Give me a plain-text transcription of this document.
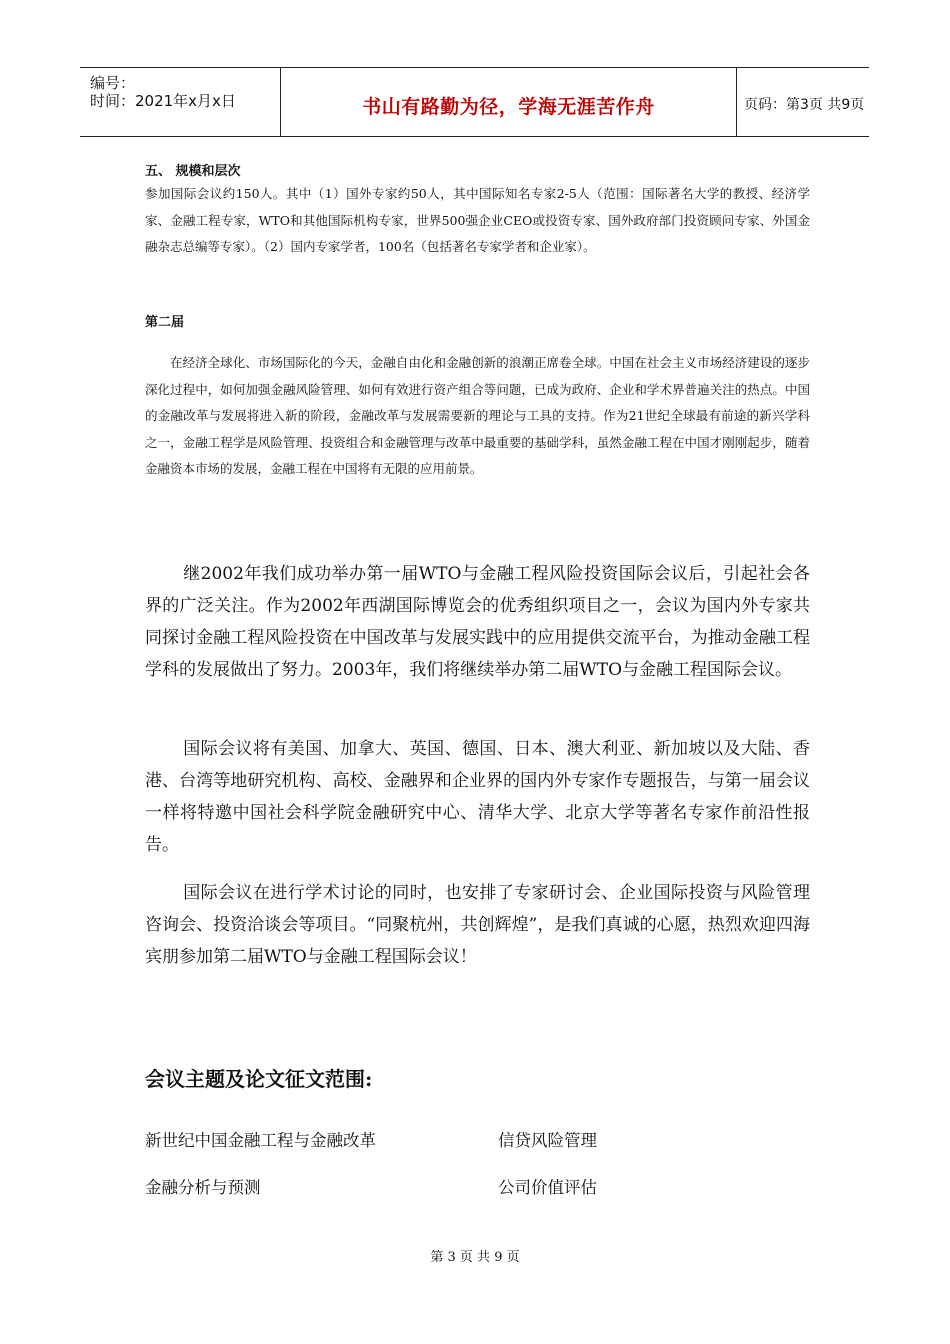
编号：
时间：2021年x月x日	书山有路勤为径，学海无涯苦作舟	页码：第3页 共9页
五、 规模和层次

参加国际会议约150人。其中（1）国外专家约50人，其中国际知名专家2-5人（范围：国际著名大学的教授、经济学家、金融工程专家，WTO和其他国际机构专家，世界500强企业CEO或投资专家、国外政府部门投资顾问专家、外国金融杂志总编等专家）。（2）国内专家学者，100名（包括著名专家学者和企业家）。

第二届

在经济全球化、市场国际化的今天，金融自由化和金融创新的浪潮正席卷全球。中国在社会主义市场经济建设的逐步深化过程中，如何加强金融风险管理、如何有效进行资产组合等问题，已成为政府、企业和学术界普遍关注的热点。中国的金融改革与发展将进入新的阶段，金融改革与发展需要新的理论与工具的支持。作为21世纪全球最有前途的新兴学科之一，金融工程学是风险管理、投资组合和金融管理与改革中最重要的基础学科，虽然金融工程在中国才刚刚起步，随着金融资本市场的发展，金融工程在中国将有无限的应用前景。

继2002年我们成功举办第一届WTO与金融工程风险投资国际会议后，引起社会各界的广泛关注。作为2002年西湖国际博览会的优秀组织项目之一，会议为国内外专家共同探讨金融工程风险投资在中国改革与发展实践中的应用提供交流平台，为推动金融工程学科的发展做出了努力。2003年，我们将继续举办第二届WTO与金融工程国际会议。

国际会议将有美国、加拿大、英国、德国、日本、澳大利亚、新加坡以及大陆、香港、台湾等地研究机构、高校、金融界和企业界的国内外专家作专题报告，与第一届会议一样将特邀中国社会科学院金融研究中心、清华大学、北京大学等著名专家作前沿性报告。

国际会议在进行学术讨论的同时，也安排了专家研讨会、企业国际投资与风险管理咨询会、投资洽谈会等项目。“同聚杭州，共创辉煌”，是我们真诚的心愿，热烈欢迎四海宾朋参加第二届WTO与金融工程国际会议！

会议主题及论文征文范围:
新世纪中国金融工程与金融改革	信贷风险管理
金融分析与预测	公司价值评估
第 3 页 共 9 页
